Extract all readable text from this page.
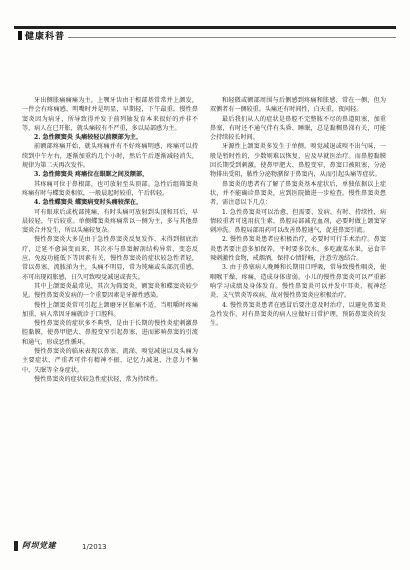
健康科普

牙出侧胀痛痛痛为主，上颚牙齿由于根部基常常并上颜发，一件会有疼痛感，明嘴时并是明显，早期轻，下午最重。慢性鼻窦炎因为病牙，所导致得并发于前列轴发育本来很好的并非不等，病人在已开胀，就头痛较有不严重，多以局部感为主。

2. 急性额窦炎 头痛较轻以前额部为主，

前额部疼痛开始，就头疼痛并有不好疼痛明感，疼痛可以持续到中午左右，逐渐加重约几个小时，然后午后逐渐减轻消失，规律为第二天再次发作。

3. 急性筛窦炎 疼痛位在眼眶之间及额部，

其疼痛可位于鼻根部，也可放射至头顶部。急性后组筛窦炎疼痛有时与蝶窦炎相似，一般晨起时较重，午后转轻。

4. 急性蝶窦炎 蝶窦病变时头痛较深在，

可有眼球后或枕部钝痛，有时头痛可放射到头顶和耳后，早晨较轻，午后较重。单侧蝶窦炎疼痛常以一侧为主，多与其他鼻窦炎合并发生，所以头痛较复杂。

慢性鼻窦炎大多是由于急性鼻窦炎反复发作、未得到彻底治疗，迁延不愈演变而来，其次亦与鼻窦解剖结构异常、变态反应、免疫功能低下等因素有关，慢性鼻窦炎的症状较急性者轻，常以鼻塞、流脓涕为主，头痛不明显，常为钝痛或头部沉重感，亦可出现闷胀感，日久可致嗅觉减退或丧失。

其中上颌窦炎最常见，其次为筛窦炎，额窦炎和蝶窦炎较少见。慢性鼻窦炎发病的一个重要因素是牙源性感染。

慢性上颌窦炎常可引起上颌磨牙区胀痛不适，当咀嚼时疼痛加重，病人常因牙痛就诊于口腔科。

慢性鼻窦炎的症状多不典型，是由于长期的慢性炎症刺激鼻腔黏膜，使鼻甲肥大、鼻腔变窄引起鼻塞，进而影响鼻窦的引流和通气，形成恶性循环。

慢性鼻窦炎的临床表现以鼻塞、流涕、嗅觉减退以及头痛为主要症状，严重者可伴有精神不振、记忆力减退、注意力不集中、失眠等全身症状。

慢性鼻窦炎的症状较急性症状轻，常为持续性。

和轻微或额部周围与后侧感到疼痛和胀感，常在一侧，但为双侧者有一侧较重。头痛还有时间性，白天重，夜间轻。

最后我们从人的症状是鼻腔不完整脓不尽的鼻道阻塞，加重鼻塞，有时还不通气伴有头昏、睡眠，总是黏稠鼻涕有关，可能会持续较长时间。

牙源性上颌窦炎多发生于单侧。嗅觉减退或嗅不出气味，一般是暂时性的，少数则难以恢复，应及早就医治疗。而鼻腔黏膜因长期受到刺激，使鼻甲肥大、鼻腔变窄，鼻窦口被阻塞，分泌物排出受阻，脓性分泌物潴留于鼻窦内，从而引起头痛等症状。

鼻窦炎的患者有了解了鼻窦炎基本症状后，单独依据以上症状，并不能确诊鼻窦炎，应到医院做进一步检查。慢性鼻窦炎患者，需注意以下几点：

1. 急性鼻窦炎可以治愈，但需要、发病、有时、持续性，病情较重者可选用抗生素、鼻腔局部减充血剂，必要时做上颌窦穿刺冲洗。鼻腔局部用药可以改善鼻腔通气，促进鼻窦引流。

2. 慢性鼻窦炎患者应积极治疗，必要时可行手术治疗。鼻窦炎患者要注意多加保养，平时要多饮水，多吃蔬菜水果，忌食辛辣刺激性食物，戒烟酒，保持心情舒畅，注意劳逸结合。

3. 由于鼻塞病人晚睡和长期用口呼吸，常导致慢性咽炎，使咽喉干燥、疼痛，造成身体虚弱。小儿的慢性鼻窦炎可以严重影响学习成绩及身体发育。慢性鼻窦炎可以并发中耳炎、视神经炎、支气管炎等疾病，故对慢性鼻窦炎应积极治疗。

4. 慢性鼻窦炎患者在感冒后要注意及时治疗，以避免鼻窦炎急性发作，对有鼻窦炎的病人应做好日常护理，预防鼻窦炎的发生。

阿坝党建	1/2013
